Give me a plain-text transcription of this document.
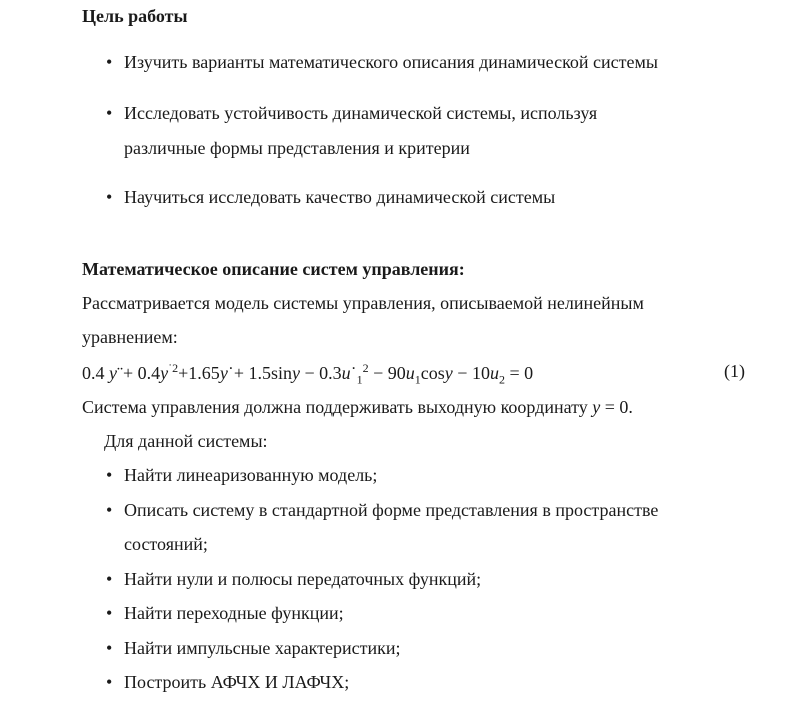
Цель работы
• Изучить варианты математического описания динамической системы
• Исследовать устойчивость динамической системы, используя
различные формы представления и критерии
• Научиться исследовать качество динамической системы
Математическое описание систем управления:
Рассматривается модель системы управления, описываемой нелинейным
уравнением:
0.4 y¨+ $0.4y^{˙2}+1.65y˙+ 1.5\sin y$ − $0.3u˙_1^2 - 90u_1\cos y - 10u_2 = 0$	(1)
Система управления должна поддерживать выходную координату y = 0.
Для данной системы:
• Найти линеаризованную модель;
• Описать систему в стандартной форме представления в пространстве
состояний;
• Найти нули и полюсы передаточных функций;
• Найти переходные функции;
• Найти импульсные характеристики;
• Построить АФЧХ И ЛАФЧХ;
